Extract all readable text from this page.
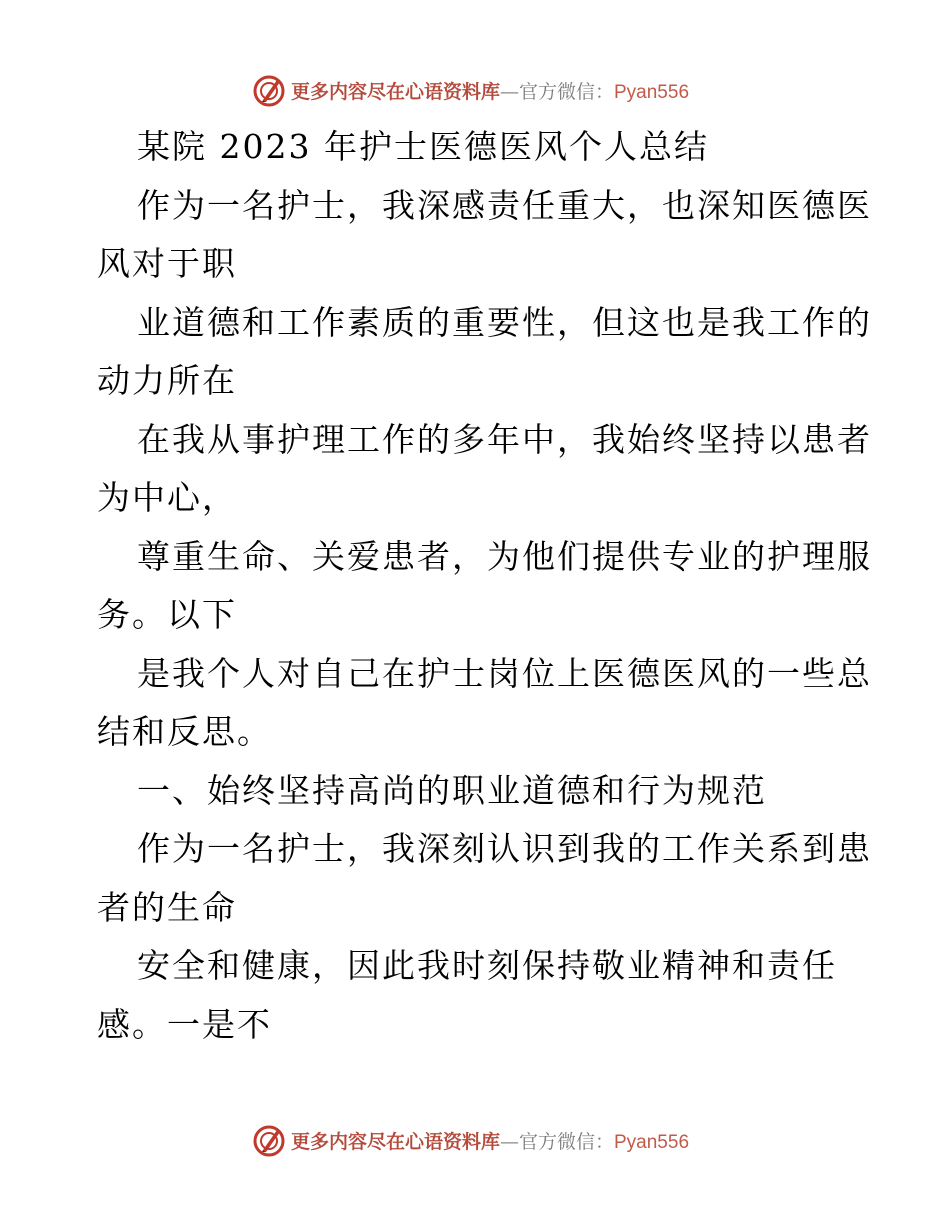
更多内容尽在心语资料库—官方微信：Pyan556
某院 2023 年护士医德医风个人总结
作为一名护士，我深感责任重大，也深知医德医
风对于职
业道德和工作素质的重要性，但这也是我工作的
动力所在
在我从事护理工作的多年中，我始终坚持以患者
为中心，
尊重生命、关爱患者，为他们提供专业的护理服
务。以下
是我个人对自己在护士岗位上医德医风的一些总
结和反思。
一、始终坚持高尚的职业道德和行为规范
作为一名护士，我深刻认识到我的工作关系到患
者的生命
安全和健康，因此我时刻保持敬业精神和责任
感。一是不
更多内容尽在心语资料库—官方微信：Pyan556
